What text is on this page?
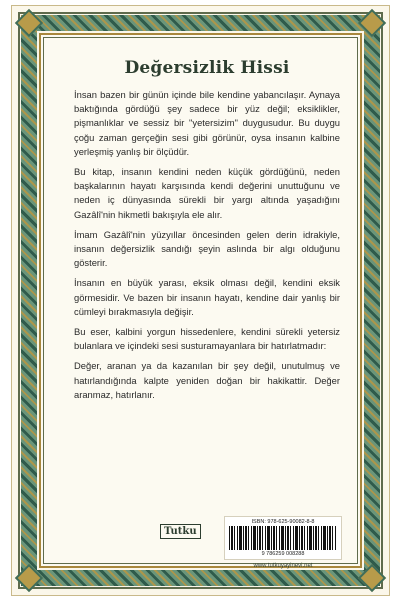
Değersizlik Hissi

İnsan bazen bir günün içinde bile kendine yabancılaşır. Aynaya baktığında gördüğü şey sadece bir yüz değil; eksiklikler, pişmanlıklar ve sessiz bir "yetersizim" duygusudur. Bu duygu çoğu zaman gerçeğin sesi gibi görünür, oysa insanın kalbine yerleşmiş yanlış bir ölçüdür.

Bu kitap, insanın kendini neden küçük gördüğünü, neden başkalarının hayatı karşısında kendi değerini unuttuğunu ve neden iç dünyasında sürekli bir yargı altında yaşadığını Gazâlî'nin hikmetli bakışıyla ele alır.

İmam Gazâlî'nin yüzyıllar öncesinden gelen derin idrakiyle, insanın değersizlik sandığı şeyin aslında bir algı olduğunu gösterir.

İnsanın en büyük yarası, eksik olması değil, kendini eksik görmesidir. Ve bazen bir insanın hayatı, kendine dair yanlış bir cümleyi bırakmasıyla değişir.

Bu eser, kalbini yorgun hissedenlere, kendini sürekli yetersiz bulanlara ve içindeki sesi susturamayanlara bir hatırlatmadır:

Değer, aranan ya da kazanılan bir şey değil, unutulmuş ve hatırlandığında kalpte yeniden doğan bir hakikattir. Değer aranmaz, hatırlanır.

Tutku
ISBN: 978-625-90082-8-8
9 786259 008288
www.tutkuyayinevi.net
